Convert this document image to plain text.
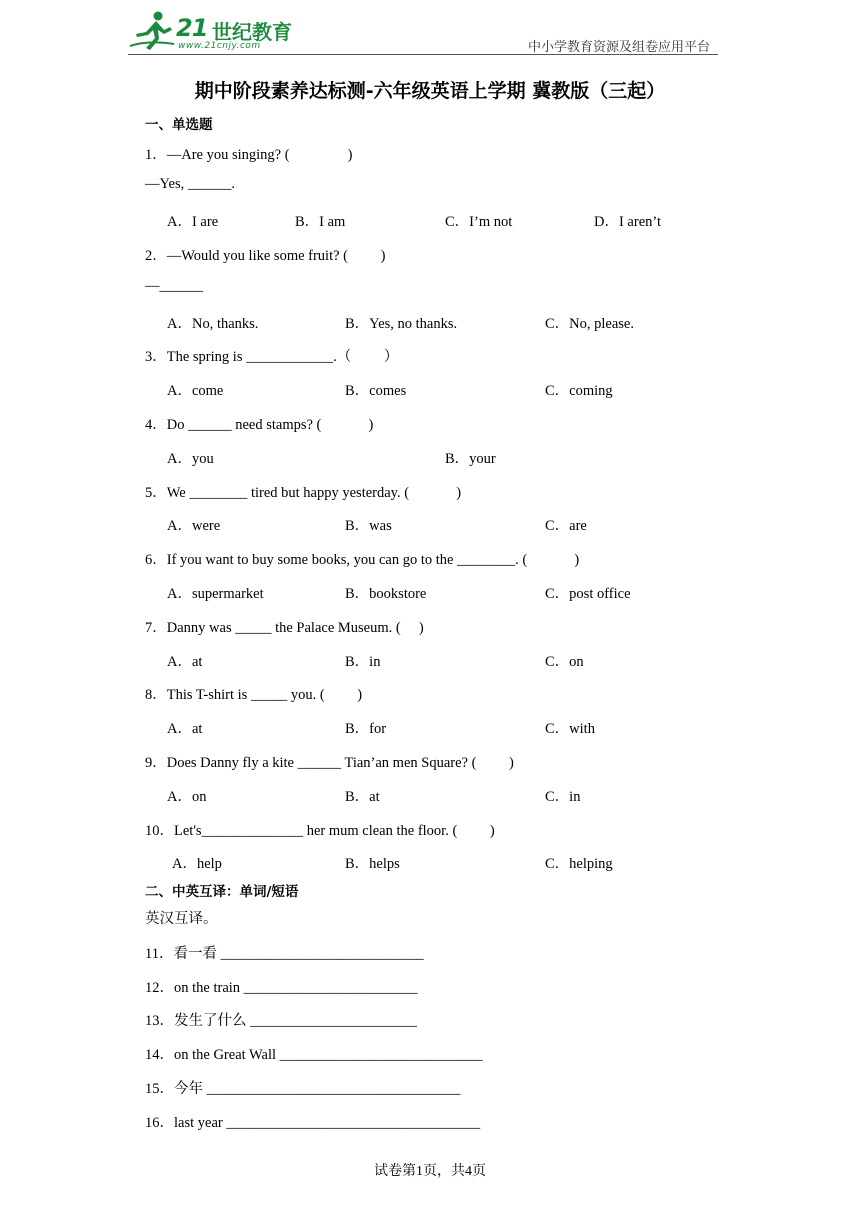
21 世纪教育
www.21cnjy.com	中小学教育资源及组卷应用平台
期中阶段素养达标测-六年级英语上学期 冀教版（三起）
一、单选题
1．—Are you singing? (　　　　)
—Yes, ______.
A．I are	B．I am	C．I’m not	D．I aren’t
2．—Would you like some fruit? (　　 )
—______
A．No, thanks.	B．Yes, no thanks.	C．No, please.
3．The spring is ____________.（　　 ）
A．come	B．comes	C．coming
4．Do ______ need stamps? (　　　 )
A．you	B．your
5．We ________ tired but happy yesterday. (　　　 )
A．were	B．was	C．are
6．If you want to buy some books, you can go to the ________. (　　　 )
A．supermarket	B．bookstore	C．post office
7．Danny was _____ the Palace Museum. (　 )
A．at	B．in	C．on
8．This T-shirt is _____ you. (　　 )
A．at	B．for	C．with
9．Does Danny fly a kite ______ Tian’an men Square? (　　 )
A．on	B．at	C．in
10．Let's______________ her mum clean the floor. (　　 )
A．help	B．helps	C．helping
二、中英互译：单词/短语
英汉互译。
11．看一看 ____________________________
12．on the train ________________________
13．发生了什么 _______________________
14．on the Great Wall ____________________________
15．今年 ___________________________________
16．last year ___________________________________
试卷第1页，共4页
